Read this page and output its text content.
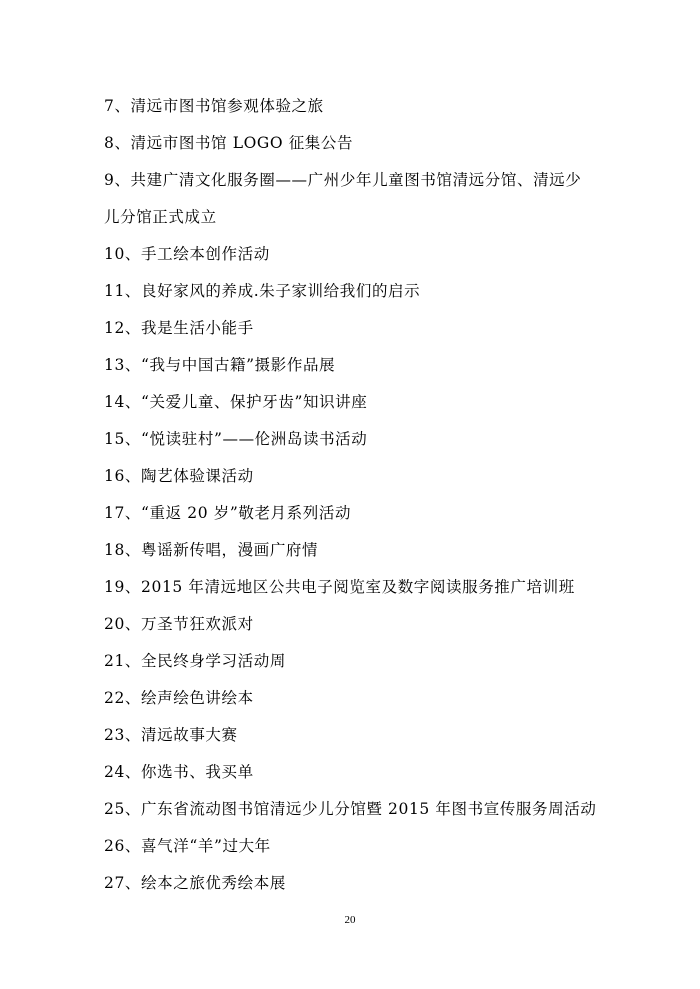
7、清远市图书馆参观体验之旅
8、清远市图书馆 LOGO 征集公告
9、共建广清文化服务圈——广州少年儿童图书馆清远分馆、清远少
儿分馆正式成立
10、手工绘本创作活动
11、良好家风的养成.朱子家训给我们的启示
12、我是生活小能手
13、“我与中国古籍”摄影作品展
14、“关爱儿童、保护牙齿”知识讲座
15、“悦读驻村”——伦洲岛读书活动
16、陶艺体验课活动
17、“重返 20 岁”敬老月系列活动
18、粤谣新传唱，漫画广府情
19、2015 年清远地区公共电子阅览室及数字阅读服务推广培训班
20、万圣节狂欢派对
21、全民终身学习活动周
22、绘声绘色讲绘本
23、清远故事大赛
24、你选书、我买单
25、广东省流动图书馆清远少儿分馆暨 2015 年图书宣传服务周活动
26、喜气洋“羊”过大年
27、绘本之旅优秀绘本展
20
